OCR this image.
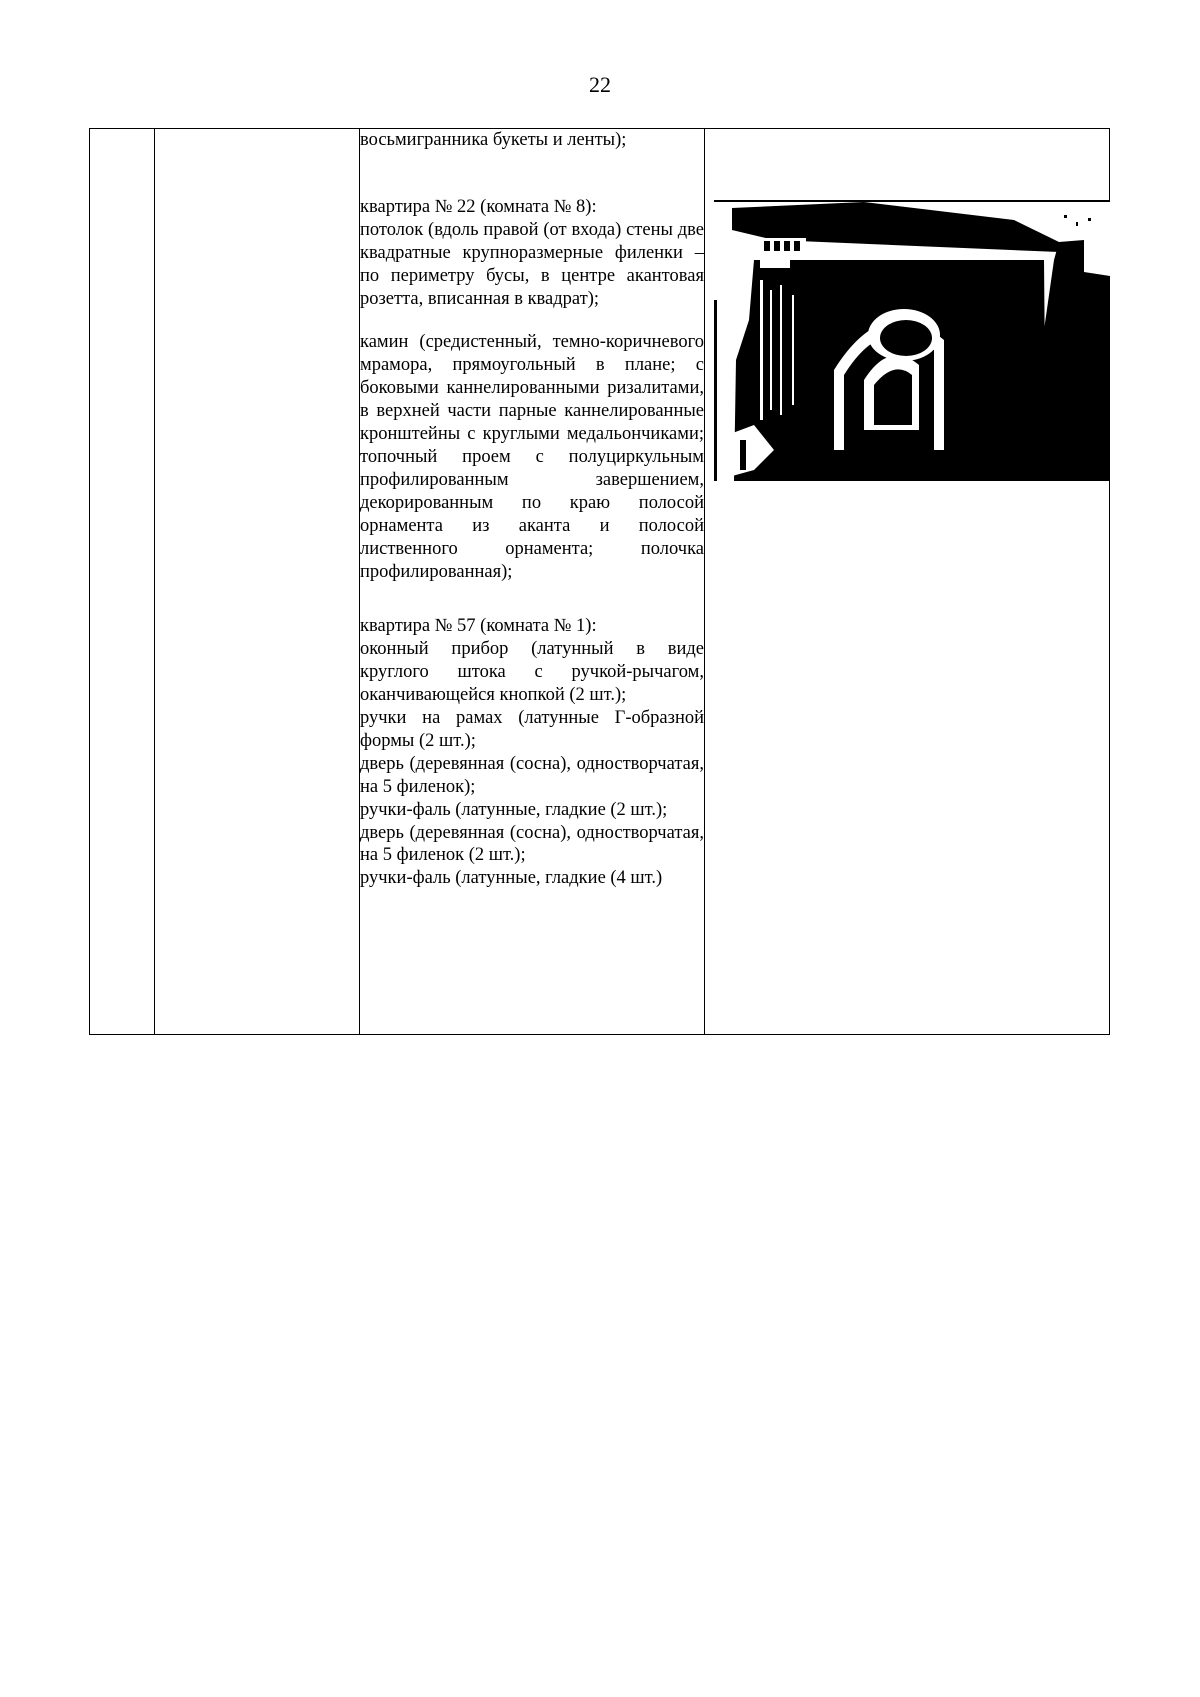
22

восьмигранника букеты и ленты);

квартира № 22 (комната № 8):

потолок (вдоль правой (от входа) стены две квадратные крупноразмерные филенки – по периметру бусы, в центре акантовая розетта, вписанная в квадрат);

камин (средистенный, темно-коричневого мрамора, прямоугольный в плане; с боковыми каннелированными ризалитами, в верхней части парные каннелированные кронштейны с круглыми медальончиками; топочный проем с полуциркульным профилированным завершением, декорированным по краю полосой орнамента из аканта и полосой лиственного орнамента; полочка профилированная);

квартира № 57 (комната № 1):

оконный прибор (латунный в виде круглого штока с ручкой-рычагом, оканчивающейся кнопкой (2 шт.);

ручки на рамах (латунные Г-образной формы (2 шт.);

дверь (деревянная (сосна), одностворчатая, на 5 филенок);

ручки-фаль (латунные, гладкие (2 шт.);

дверь (деревянная (сосна), одностворчатая, на 5 филенок (2 шт.);

ручки-фаль (латунные, гладкие (4 шт.)
